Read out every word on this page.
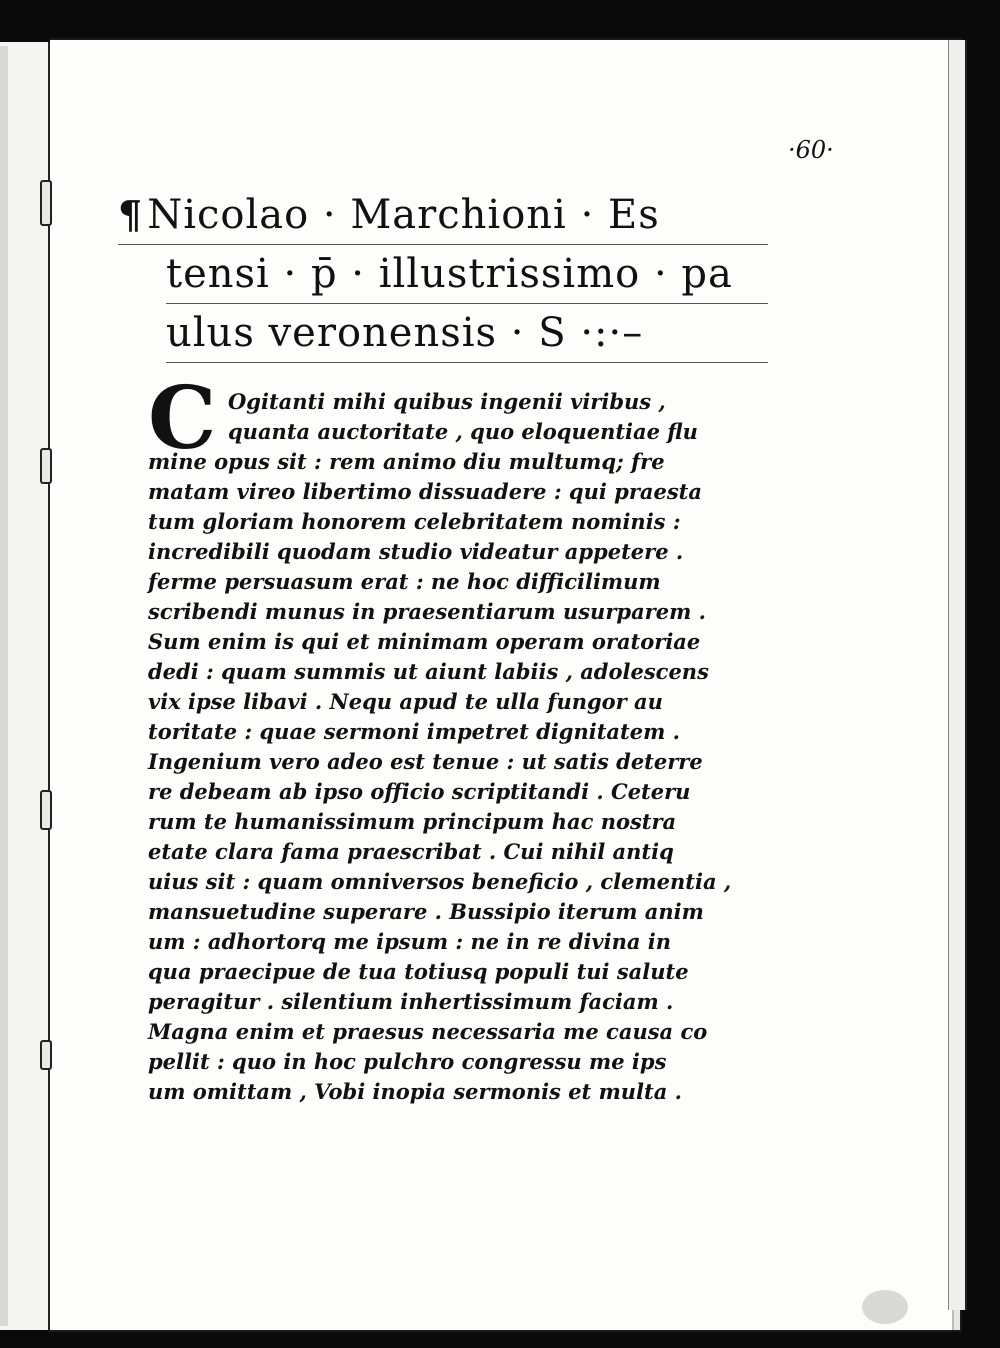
·60·
¶ Nicolao · Marchioni · Es
tensi · p̄ · illustrissimo · pa
ulus veronensis · S ·:·–
C Ogitanti mihi quibus ingenii viribus ,
quanta auctoritate , quo eloquentiae flu
mine opus sit : rem animo diu multumq; fre
matam vireo libertimo dissuadere : qui praesta
tum gloriam honorem celebritatem nominis :
incredibili quodam studio videatur appetere .
ferme persuasum erat : ne hoc difficilimum
scribendi munus in praesentiarum usurparem .
Sum enim is qui et minimam operam oratoriae
dedi : quam summis ut aiunt labiis , adolescens
vix ipse libavi . Nequ apud te ulla fungor au
toritate : quae sermoni impetret dignitatem .
Ingenium vero adeo est tenue : ut satis deterre
re debeam ab ipso officio scriptitandi . Ceteru
rum te humanissimum principum hac nostra
etate clara fama praescribat . Cui nihil antiq
uius sit : quam omniversos beneficio , clementia ,
mansuetudine superare . Bussipio iterum anim
um : adhortorq me ipsum : ne in re divina in
qua praecipue de tua totiusq populi tui salute
peragitur . silentium inhertissimum faciam .
Magna enim et praesus necessaria me causa co
pellit : quo in hoc pulchro congressu me ips
um omittam , Vobi inopia sermonis et multa .
